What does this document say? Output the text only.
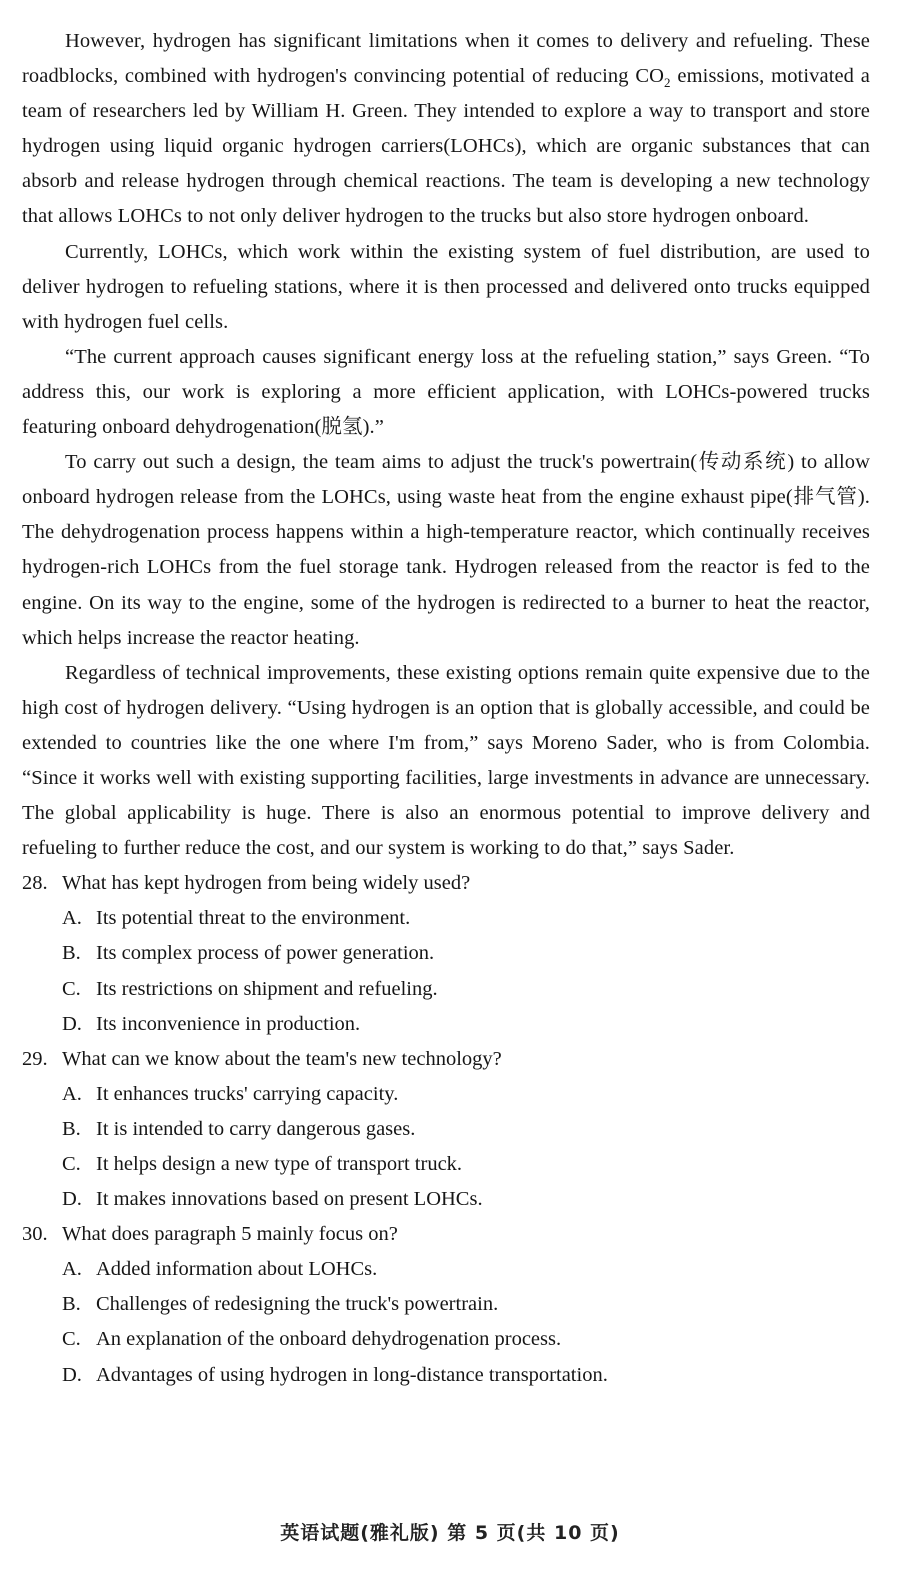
However, hydrogen has significant limitations when it comes to delivery and refueling. These roadblocks, combined with hydrogen's convincing potential of reducing $CO_2$ emissions, motivated a team of researchers led by William H. Green. They intended to explore a way to transport and store hydrogen using liquid organic hydrogen carriers(LOHCs), which are organic substances that can absorb and release hydrogen through chemical reactions. The team is developing a new technology that allows LOHCs to not only deliver hydrogen to the trucks but also store hydrogen onboard.

Currently, LOHCs, which work within the existing system of fuel distribution, are used to deliver hydrogen to refueling stations, where it is then processed and delivered onto trucks equipped with hydrogen fuel cells.

“The current approach causes significant energy loss at the refueling station,” says Green. “To address this, our work is exploring a more efficient application, with LOHCs-powered trucks featuring onboard dehydrogenation(脱氢).”

To carry out such a design, the team aims to adjust the truck's powertrain(传动系统) to allow onboard hydrogen release from the LOHCs, using waste heat from the engine exhaust pipe(排气管). The dehydrogenation process happens within a high-temperature reactor, which continually receives hydrogen-rich LOHCs from the fuel storage tank. Hydrogen released from the reactor is fed to the engine. On its way to the engine, some of the hydrogen is redirected to a burner to heat the reactor, which helps increase the reactor heating.

Regardless of technical improvements, these existing options remain quite expensive due to the high cost of hydrogen delivery. “Using hydrogen is an option that is globally accessible, and could be extended to countries like the one where I'm from,” says Moreno Sader, who is from Colombia. “Since it works well with existing supporting facilities, large investments in advance are unnecessary. The global applicability is huge. There is also an enormous potential to improve delivery and refueling to further reduce the cost, and our system is working to do that,” says Sader.

28. What has kept hydrogen from being widely used?
A. Its potential threat to the environment.
B. Its complex process of power generation.
C. Its restrictions on shipment and refueling.
D. Its inconvenience in production.
29. What can we know about the team's new technology?
A. It enhances trucks' carrying capacity.
B. It is intended to carry dangerous gases.
C. It helps design a new type of transport truck.
D. It makes innovations based on present LOHCs.
30. What does paragraph 5 mainly focus on?
A. Added information about LOHCs.
B. Challenges of redesigning the truck's powertrain.
C. An explanation of the onboard dehydrogenation process.
D. Advantages of using hydrogen in long-distance transportation.
英语试题(雅礼版) 第 5 页(共 10 页)
